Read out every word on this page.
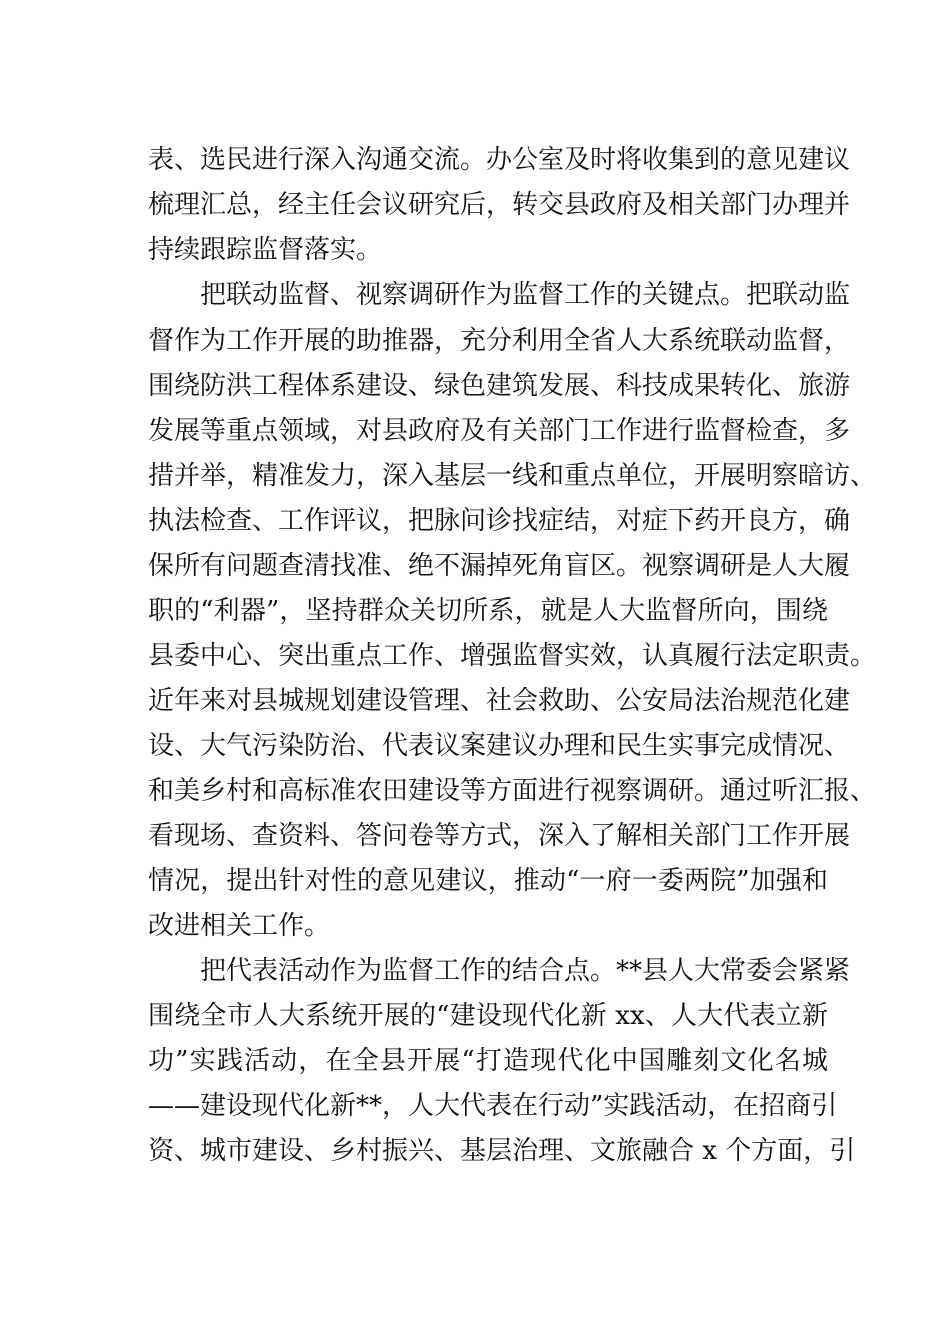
表、选民进行深入沟通交流。办公室及时将收集到的意见建议
梳理汇总，经主任会议研究后，转交县政府及相关部门办理并
持续跟踪监督落实。
把联动监督、视察调研作为监督工作的关键点。把联动监
督作为工作开展的助推器，充分利用全省人大系统联动监督，
围绕防洪工程体系建设、绿色建筑发展、科技成果转化、旅游
发展等重点领域，对县政府及有关部门工作进行监督检查，多
措并举，精准发力，深入基层一线和重点单位，开展明察暗访、
执法检查、工作评议，把脉问诊找症结，对症下药开良方，确
保所有问题查清找准、绝不漏掉死角盲区。视察调研是人大履
职的“利器”，坚持群众关切所系，就是人大监督所向，围绕
县委中心、突出重点工作、增强监督实效，认真履行法定职责。
近年来对县城规划建设管理、社会救助、公安局法治规范化建
设、大气污染防治、代表议案建议办理和民生实事完成情况、
和美乡村和高标准农田建设等方面进行视察调研。通过听汇报、
看现场、查资料、答问卷等方式，深入了解相关部门工作开展
情况，提出针对性的意见建议，推动“一府一委两院”加强和
改进相关工作。
把代表活动作为监督工作的结合点。**县人大常委会紧紧
围绕全市人大系统开展的“建设现代化新 xx、人大代表立新
功”实践活动，在全县开展“打造现代化中国雕刻文化名城
——建设现代化新**，人大代表在行动”实践活动，在招商引
资、城市建设、乡村振兴、基层治理、文旅融合 x 个方面，引
